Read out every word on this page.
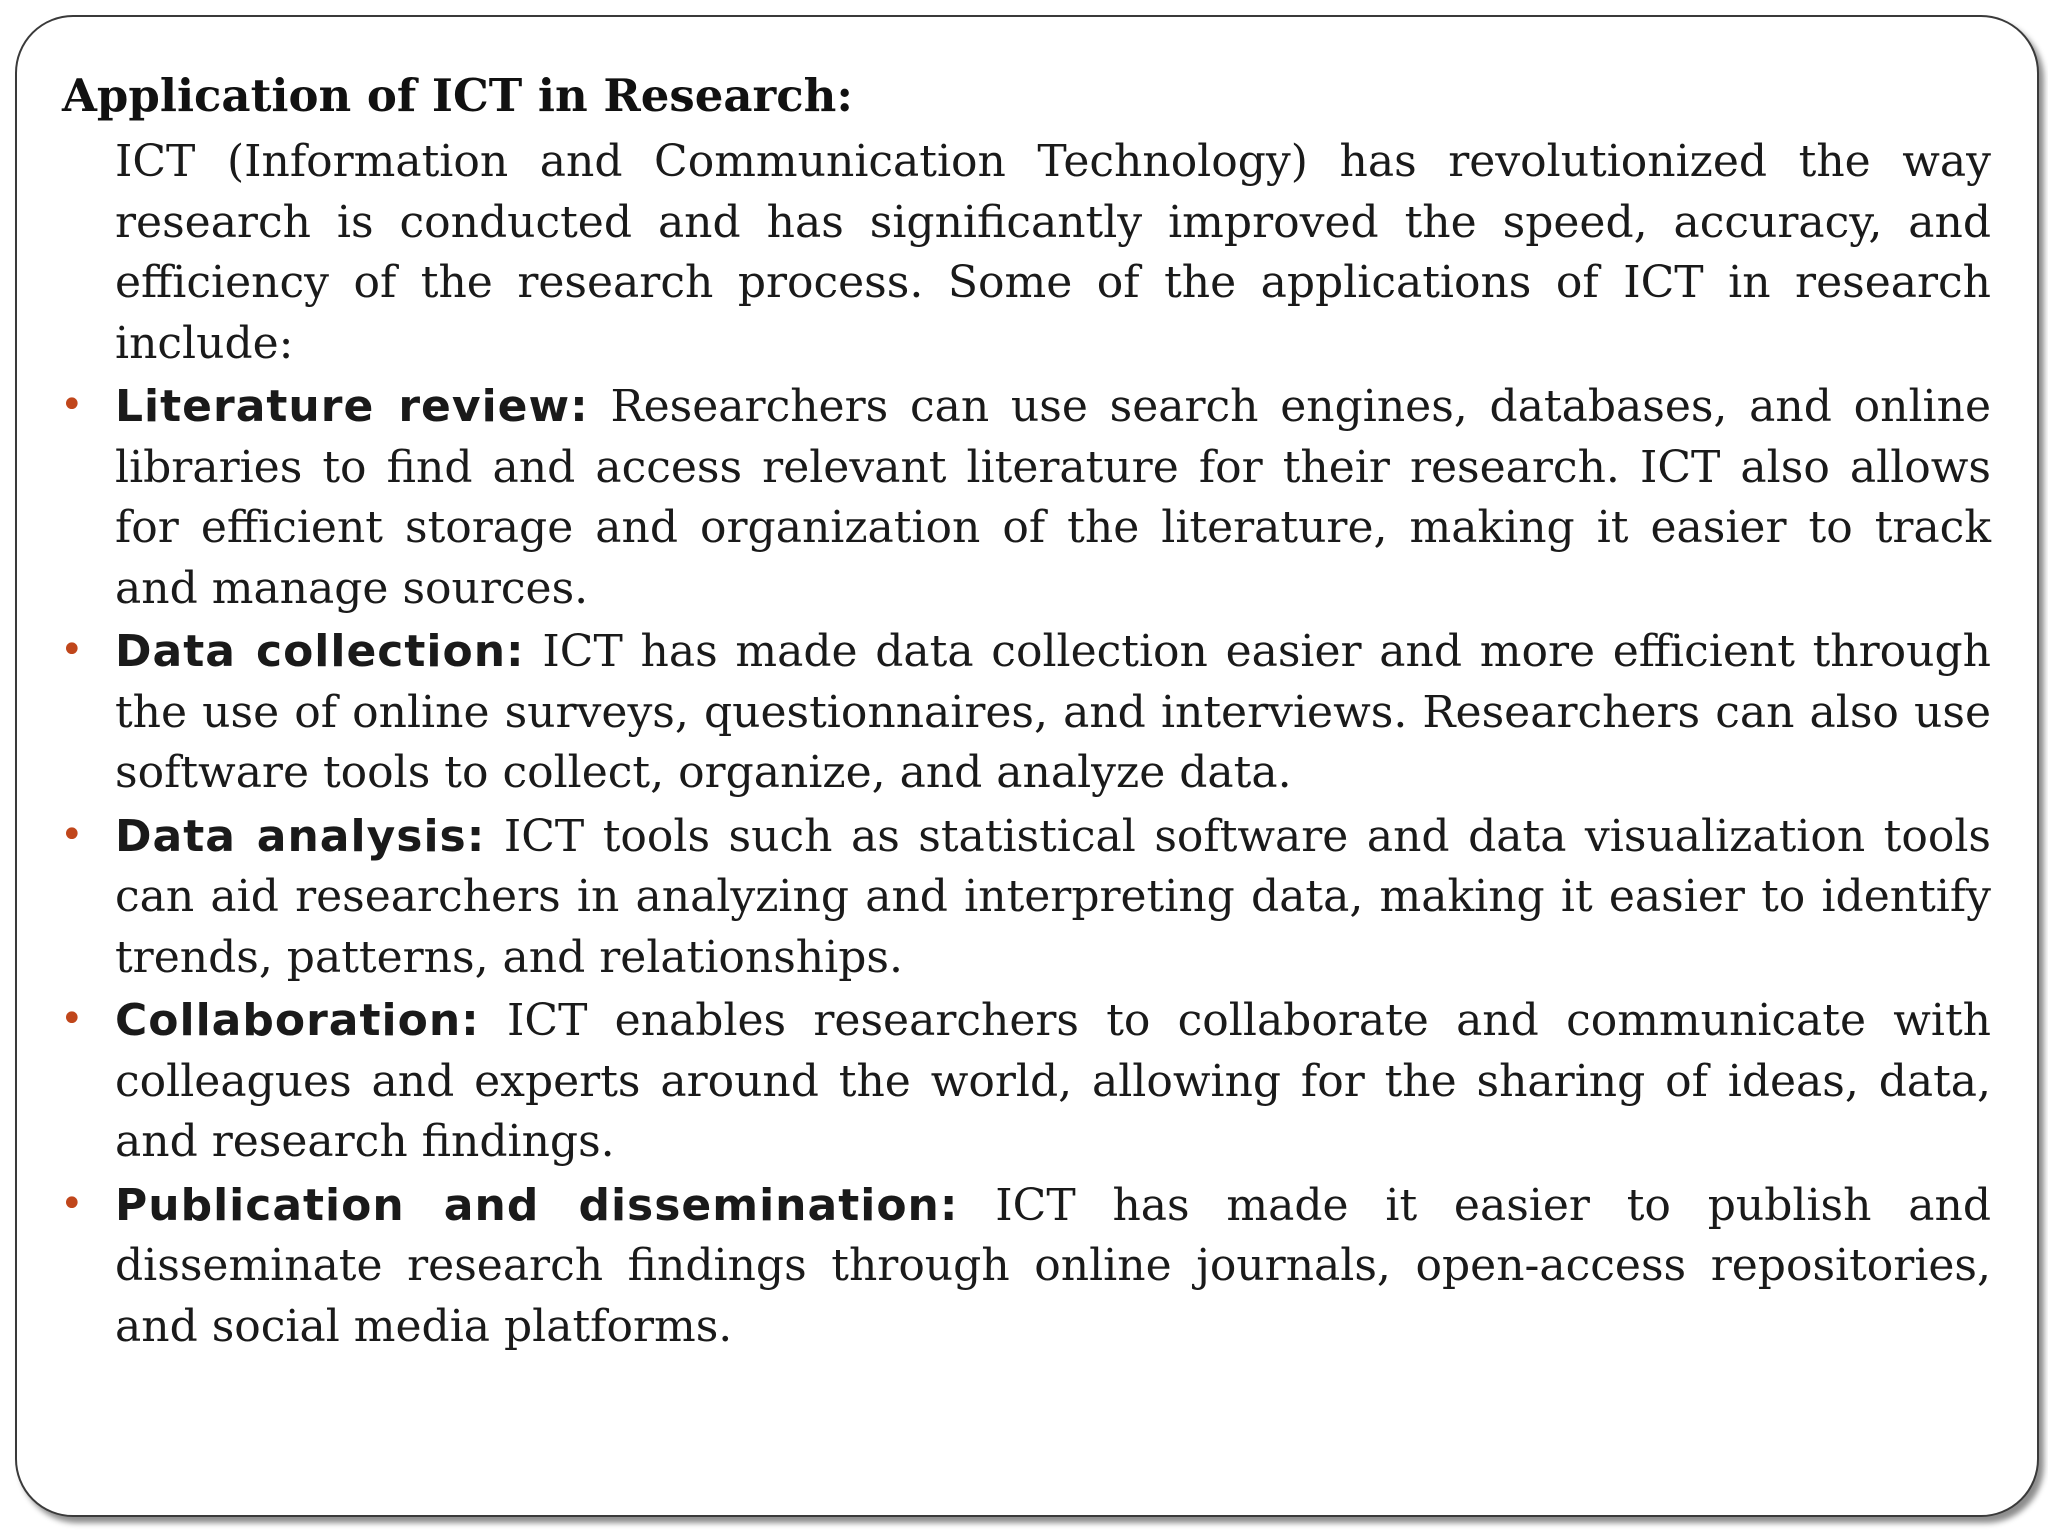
Application of ICT in Research:

ICT (Information and Communication Technology) has revolutionized the way research is conducted and has significantly improved the speed, accuracy, and efficiency of the research process. Some of the applications of ICT in research include:

• Literature review: Researchers can use search engines, databases, and online libraries to find and access relevant literature for their research. ICT also allows for efficient storage and organization of the literature, making it easier to track and manage sources.
• Data collection: ICT has made data collection easier and more efficient through the use of online surveys, questionnaires, and interviews. Researchers can also use software tools to collect, organize, and analyze data.
• Data analysis: ICT tools such as statistical software and data visualization tools can aid researchers in analyzing and interpreting data, making it easier to identify trends, patterns, and relationships.
• Collaboration: ICT enables researchers to collaborate and communicate with colleagues and experts around the world, allowing for the sharing of ideas, data, and research findings.
• Publication and dissemination: ICT has made it easier to publish and disseminate research findings through online journals, open-access repositories, and social media platforms.
